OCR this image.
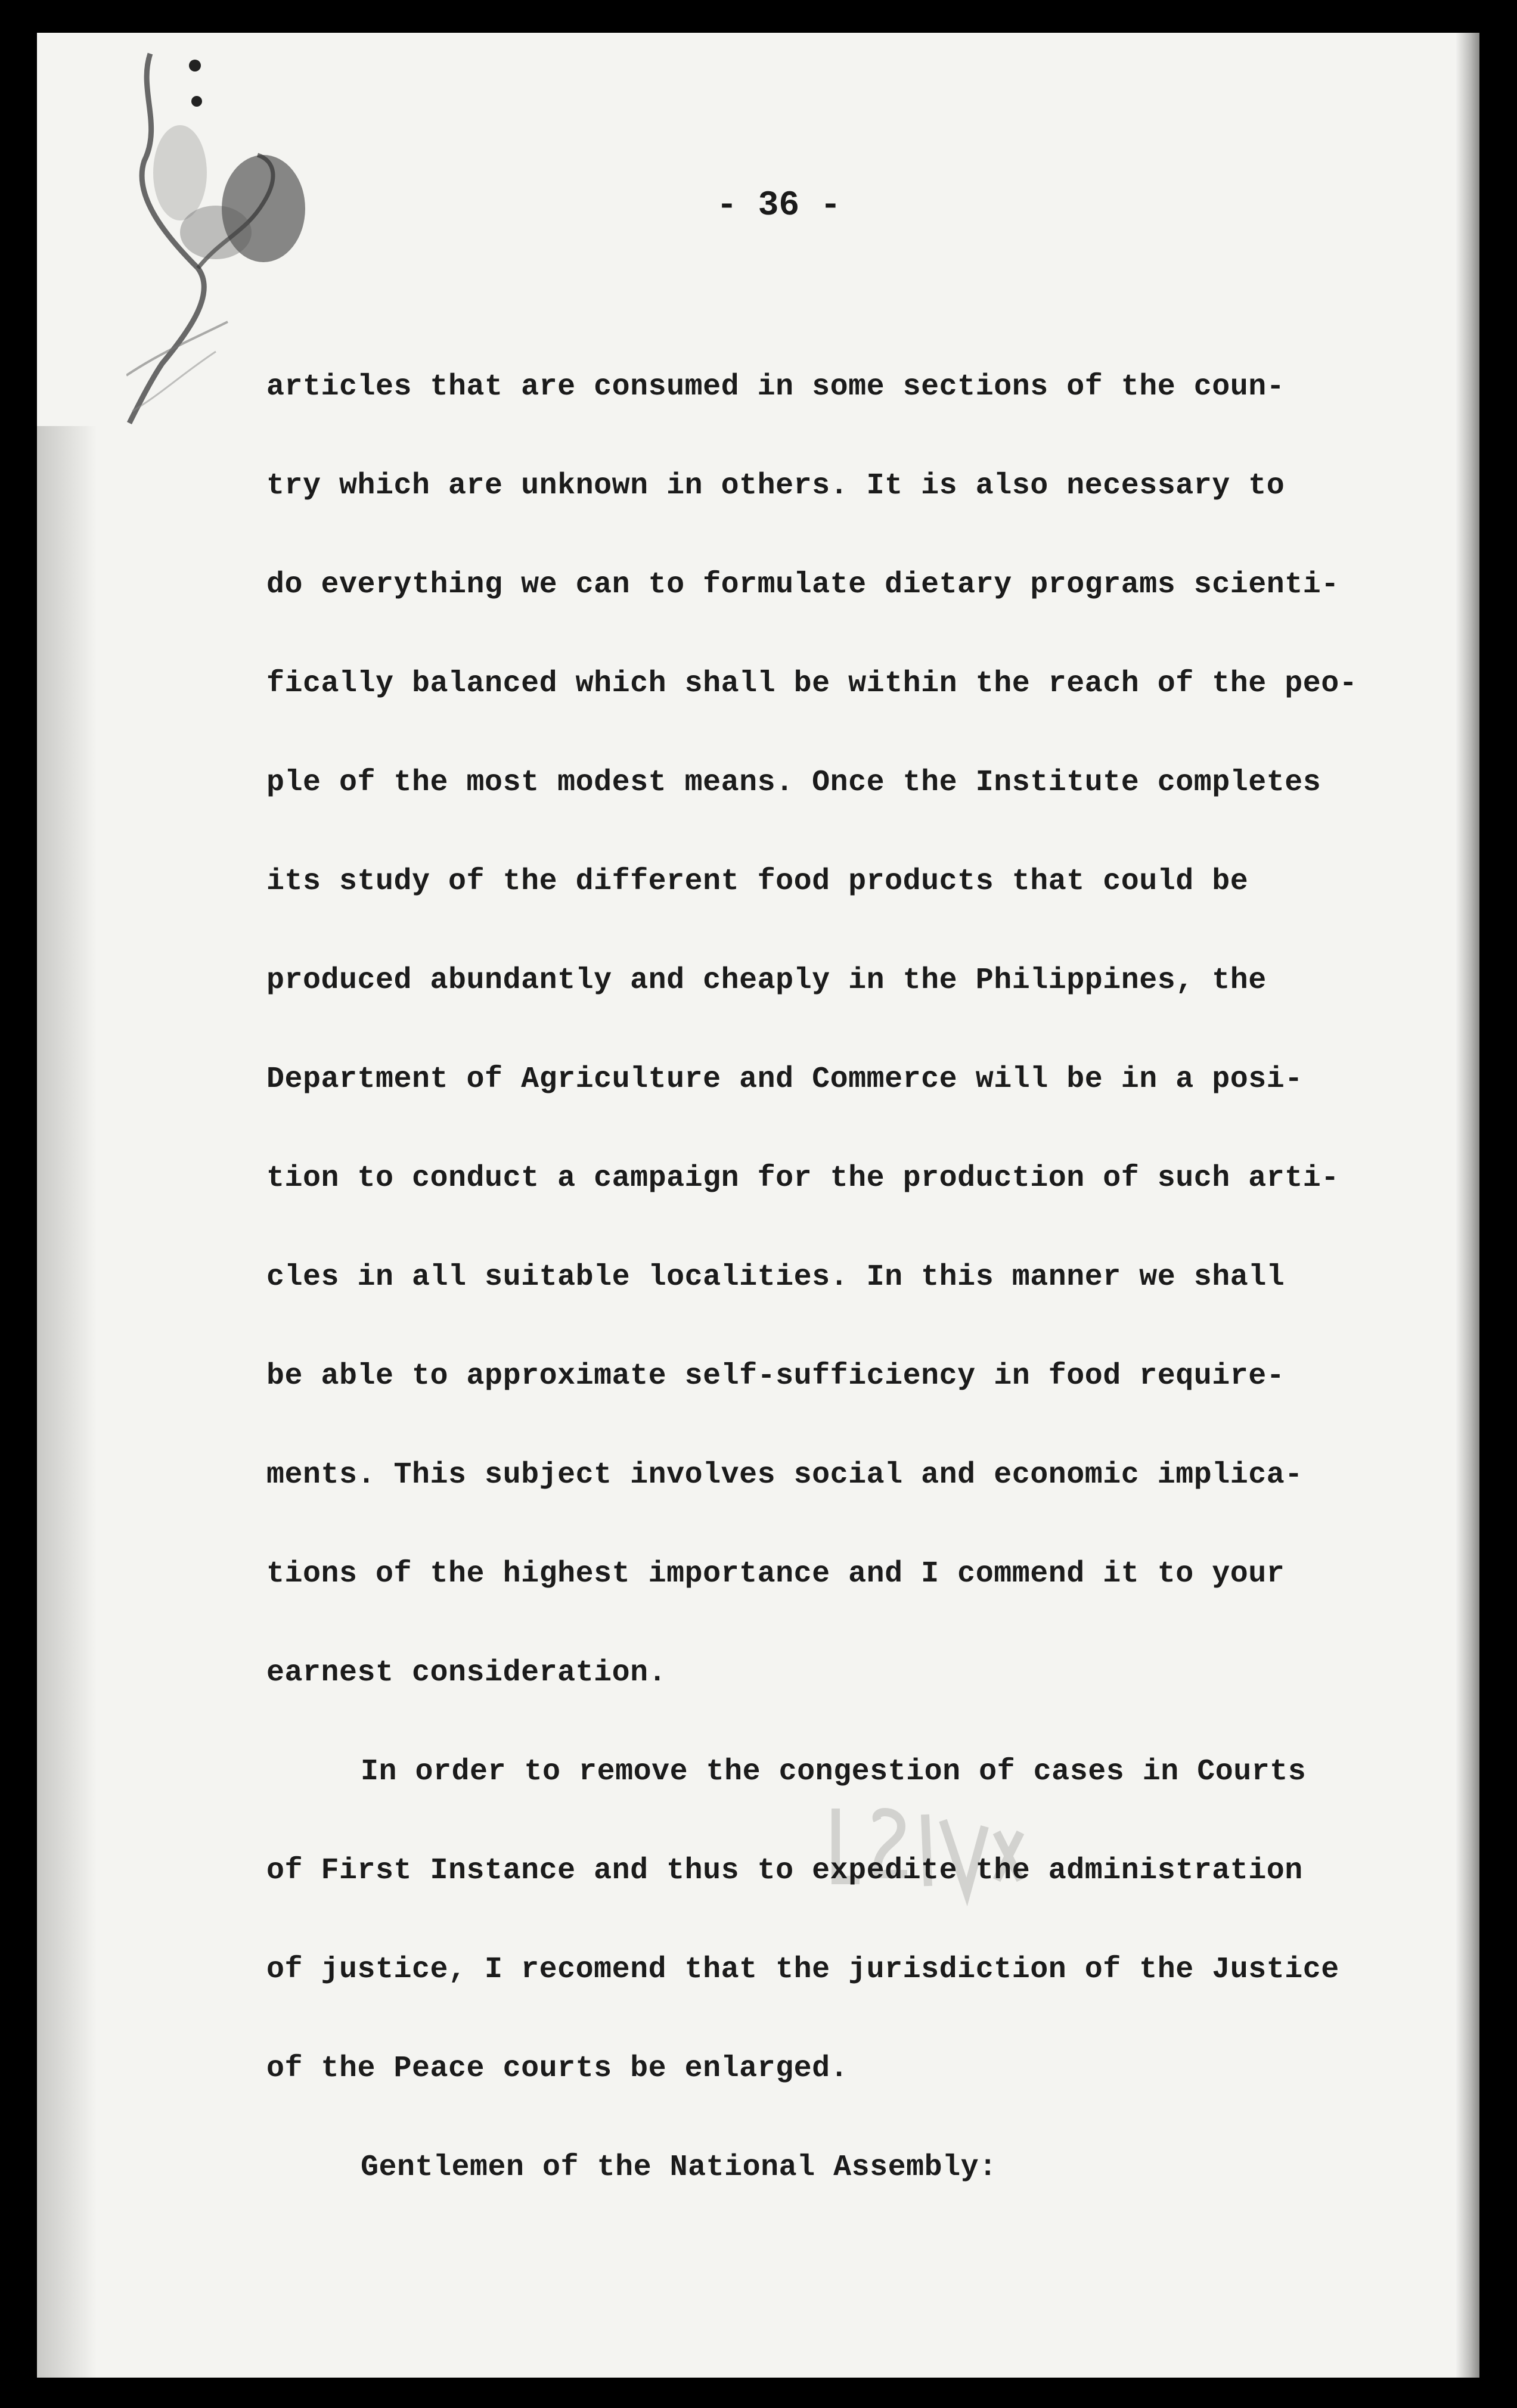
- 36 -
articles that are consumed in some sections of the coun-
try which are unknown in others. It is also necessary to
do everything we can to formulate dietary programs scienti-
fically balanced which shall be within the reach of the peo-
ple of the most modest means. Once the Institute completes
its study of the different food products that could be
produced abundantly and cheaply in the Philippines, the
Department of Agriculture and Commerce will be in a posi-
tion to conduct a campaign for the production of such arti-
cles in all suitable localities. In this manner we shall
be able to approximate self-sufficiency in food require-
ments. This subject involves social and economic implica-
tions of the highest importance and I commend it to your
earnest consideration.
In order to remove the congestion of cases in Courts
of First Instance and thus to expedite the administration
of justice, I recomend that the jurisdiction of the Justice
of the Peace courts be enlarged.
Gentlemen of the National Assembly:
